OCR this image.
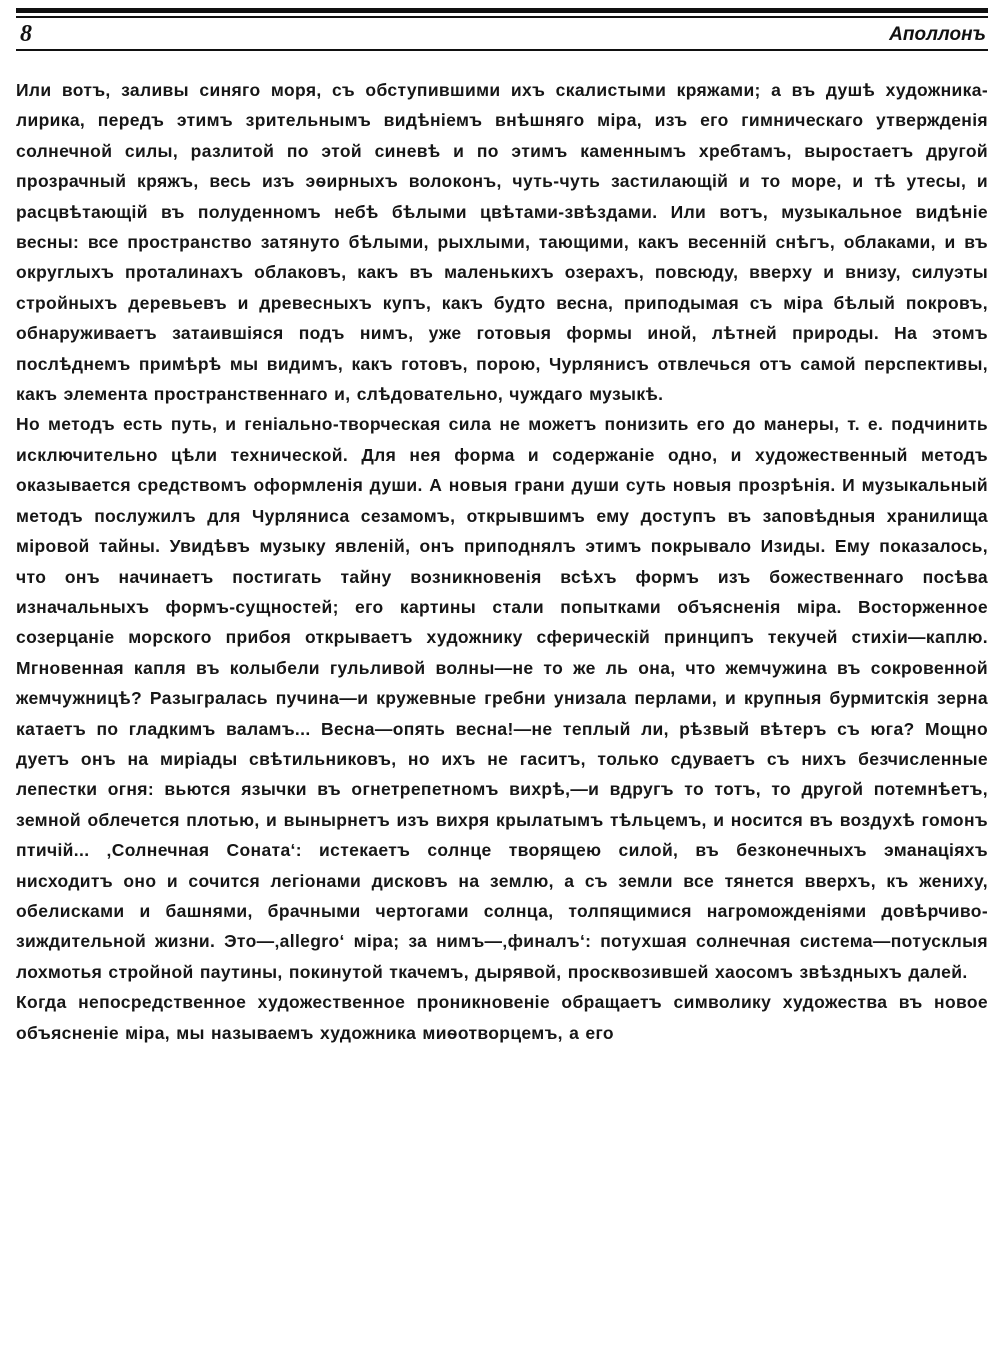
8	Аполлонъ

Или вотъ, заливы синяго моря, съ обступившими ихъ скалистыми кряжами; а въ душѣ художника-лирика, передъ этимъ зрительнымъ видѣніемъ внѣшняго міра, изъ его гимническаго утвержденія солнечной силы, разлитой по этой синевѣ и по этимъ каменнымъ хребтамъ, выростаетъ другой прозрачный кряжъ, весь изъ эѳирныхъ волоконъ, чуть-чуть застилающій и то море, и тѣ утесы, и расцвѣтающій въ полуденномъ небѣ бѣлыми цвѣтами-звѣздами. Или вотъ, музыкальное видѣніе весны: все пространство затянуто бѣлыми, рыхлыми, тающими, какъ весенній снѣгъ, облаками, и въ округлыхъ проталинахъ облаковъ, какъ въ маленькихъ озерахъ, повсюду, вверху и внизу, силуэты стройныхъ деревьевъ и древесныхъ купъ, какъ будто весна, приподымая съ міра бѣлый покровъ, обнаруживаетъ затаившіяся подъ нимъ, уже готовыя формы иной, лѣтней природы. На этомъ послѣднемъ примѣрѣ мы видимъ, какъ готовъ, порою, Чурлянисъ отвлечься отъ самой перспективы, какъ элемента пространственнаго и, слѣдовательно, чуждаго музыкѣ.

Но методъ есть путь, и геніально-творческая сила не можетъ понизить его до манеры, т. е. подчинить исключительно цѣли технической. Для нея форма и содержаніе одно, и художественный методъ оказывается средствомъ оформленія души. А новыя грани души суть новыя прозрѣнія. И музыкальный методъ послужилъ для Чурляниса сезамомъ, открывшимъ ему доступъ въ заповѣдныя хранилища міровой тайны. Увидѣвъ музыку явленій, онъ приподнялъ этимъ покрывало Изиды. Ему показалось, что онъ начинаетъ постигать тайну возникновенія всѣхъ формъ изъ божественнаго посѣва изначальныхъ формъ-сущностей; его картины стали попытками объясненія міра. Восторженное созерцаніе морского прибоя открываетъ художнику сферическій принципъ текучей стихіи—каплю. Мгновенная капля въ колыбели гульливой волны—не то же ль она, что жемчужина въ сокровенной жемчужницѣ? Разыгралась пучина—и кружевные гребни унизала перлами, и крупныя бурмитскія зерна катаетъ по гладкимъ валамъ... Весна—опять весна!—не теплый ли, рѣзвый вѣтеръ съ юга? Мощно дуетъ онъ на миріады свѣтильниковъ, но ихъ не гаситъ, только сдуваетъ съ нихъ безчисленные лепестки огня: вьются язычки въ огнетрепетномъ вихрѣ,—и вдругъ то тотъ, то другой потемнѣетъ, земной облечется плотью, и вынырнетъ изъ вихря крылатымъ тѣльцемъ, и носится въ воздухѣ гомонъ птичій... ‚Солнечная Соната‘: истекаетъ солнце творящею силой, въ безконечныхъ эманаціяхъ нисходитъ оно и сочится легіонами дисковъ на землю, а съ земли все тянется вверхъ, къ жениху, обелисками и башнями, брачными чертогами солнца, толпящимися нагроможденіями довѣрчиво-зиждительной жизни. Это—‚allegro‘ міра; за нимъ—‚финалъ‘: потухшая солнечная система—потусклыя лохмотья стройной паутины, покинутой ткачемъ, дырявой, просквозившей хаосомъ звѣздныхъ далей.

Когда непосредственное художественное проникновеніе обращаетъ символику художества въ новое объясненіе міра, мы называемъ художника миѳотворцемъ, а его
